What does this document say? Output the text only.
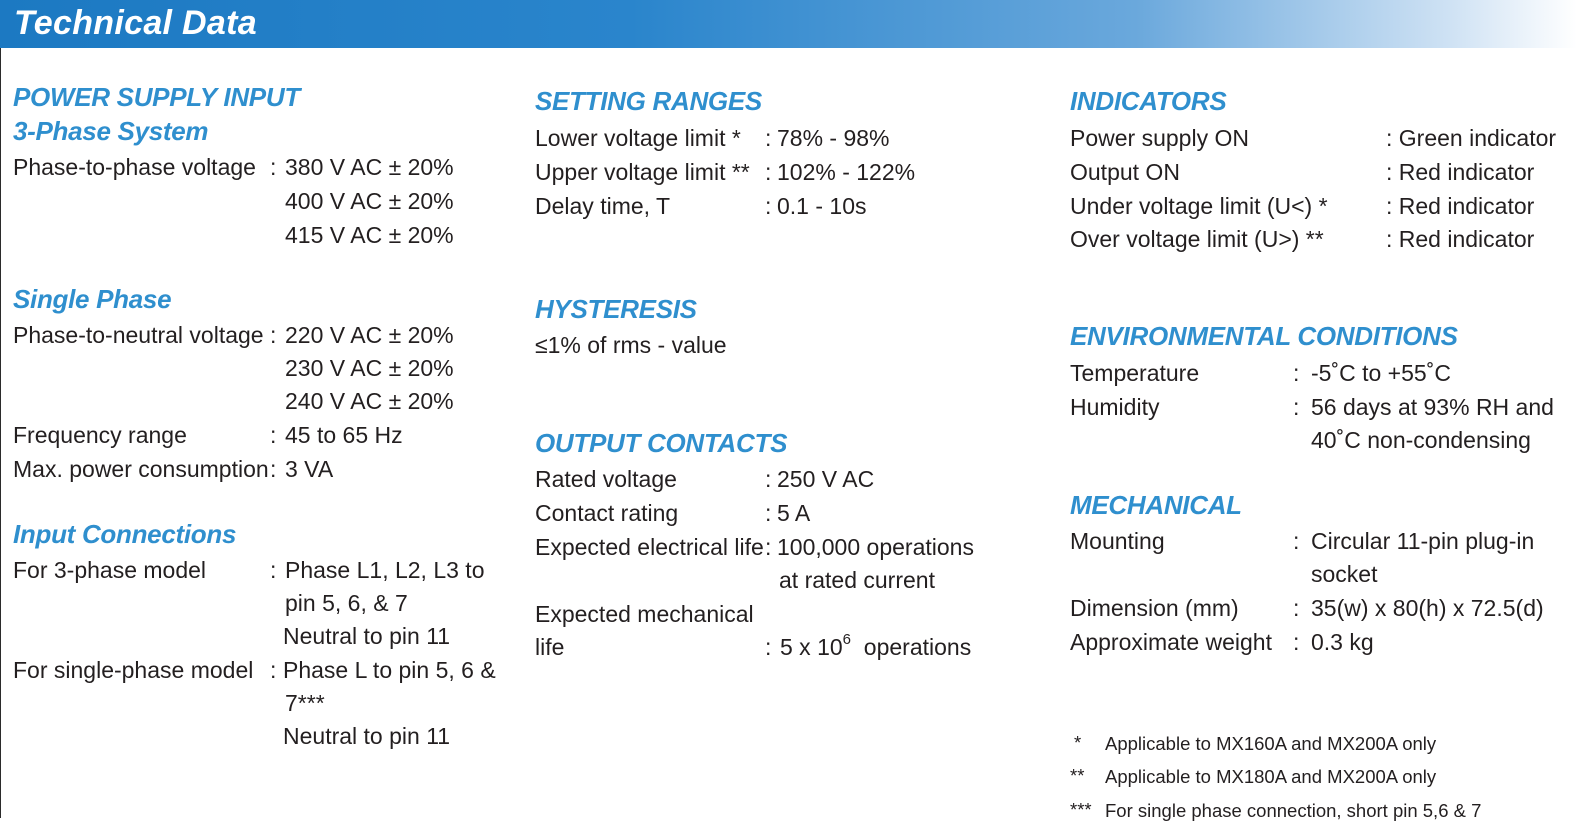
Technical Data
POWER SUPPLY INPUT
3-Phase System
Phase-to-phase voltage : 380 V AC ± 20%
400 V AC ± 20%
415 V AC ± 20%
Single Phase
Phase-to-neutral voltage : 220 V AC ± 20%
230 V AC ± 20%
240 V AC ± 20%
Frequency range	: 45 to 65 Hz
Max. power consumption : 3 VA
Input Connections
For 3-phase model	: Phase L1, L2, L3 to
pin 5, 6, & 7
Neutral to pin 11
For single-phase model : Phase L to pin 5, 6 &
7***
Neutral to pin 11
SETTING RANGES
Lower voltage limit * : 78% - 98%
Upper voltage limit ** : 102% - 122%
Delay time, T	: 0.1 - 10s
HYSTERESIS
≤1% of rms - value
OUTPUT CONTACTS
Rated voltage	: 250 V AC
Contact rating	: 5 A
Expected electrical life : 100,000 operations
at rated current
Expected mechanical
life	: 5 x $10^6$ operations
INDICATORS
Power supply ON	: Green indicator
Output ON	: Red indicator
Under voltage limit (U<) *	: Red indicator
Over voltage limit (U>) **	: Red indicator
ENVIRONMENTAL CONDITIONS
Temperature	: -5˚C to +55˚C
Humidity	: 56 days at 93% RH and
40˚C non-condensing
MECHANICAL
Mounting	: Circular 11-pin plug-in
socket
Dimension (mm) : 35(w) x 80(h) x 72.5(d)
Approximate weight : 0.3 kg
* Applicable to MX160A and MX200A only
** Applicable to MX180A and MX200A only
*** For single phase connection, short pin 5,6 & 7
